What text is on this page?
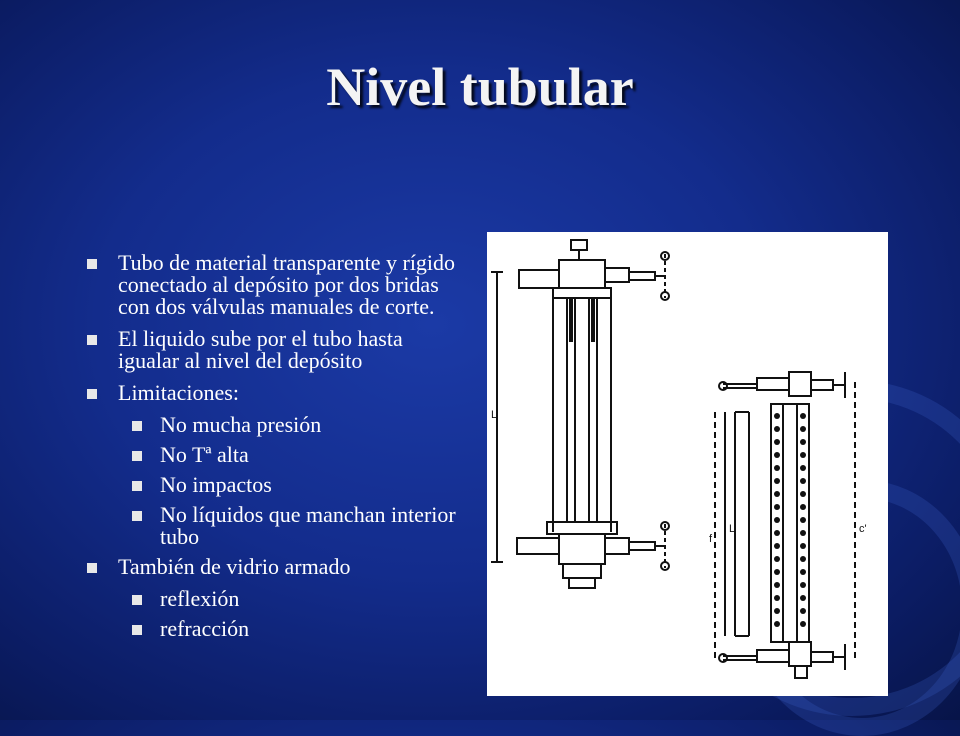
Nivel tubular
Tubo de material transparente y rígido conectado al depósito por dos bridas con dos válvulas manuales de corte.
El liquido sube por el tubo hasta igualar al nivel del depósito
Limitaciones:
No mucha presión
No Tª alta
No impactos
No líquidos que manchan interior tubo
También de vidrio armado
reflexión
refracción
L
L
f
c'
